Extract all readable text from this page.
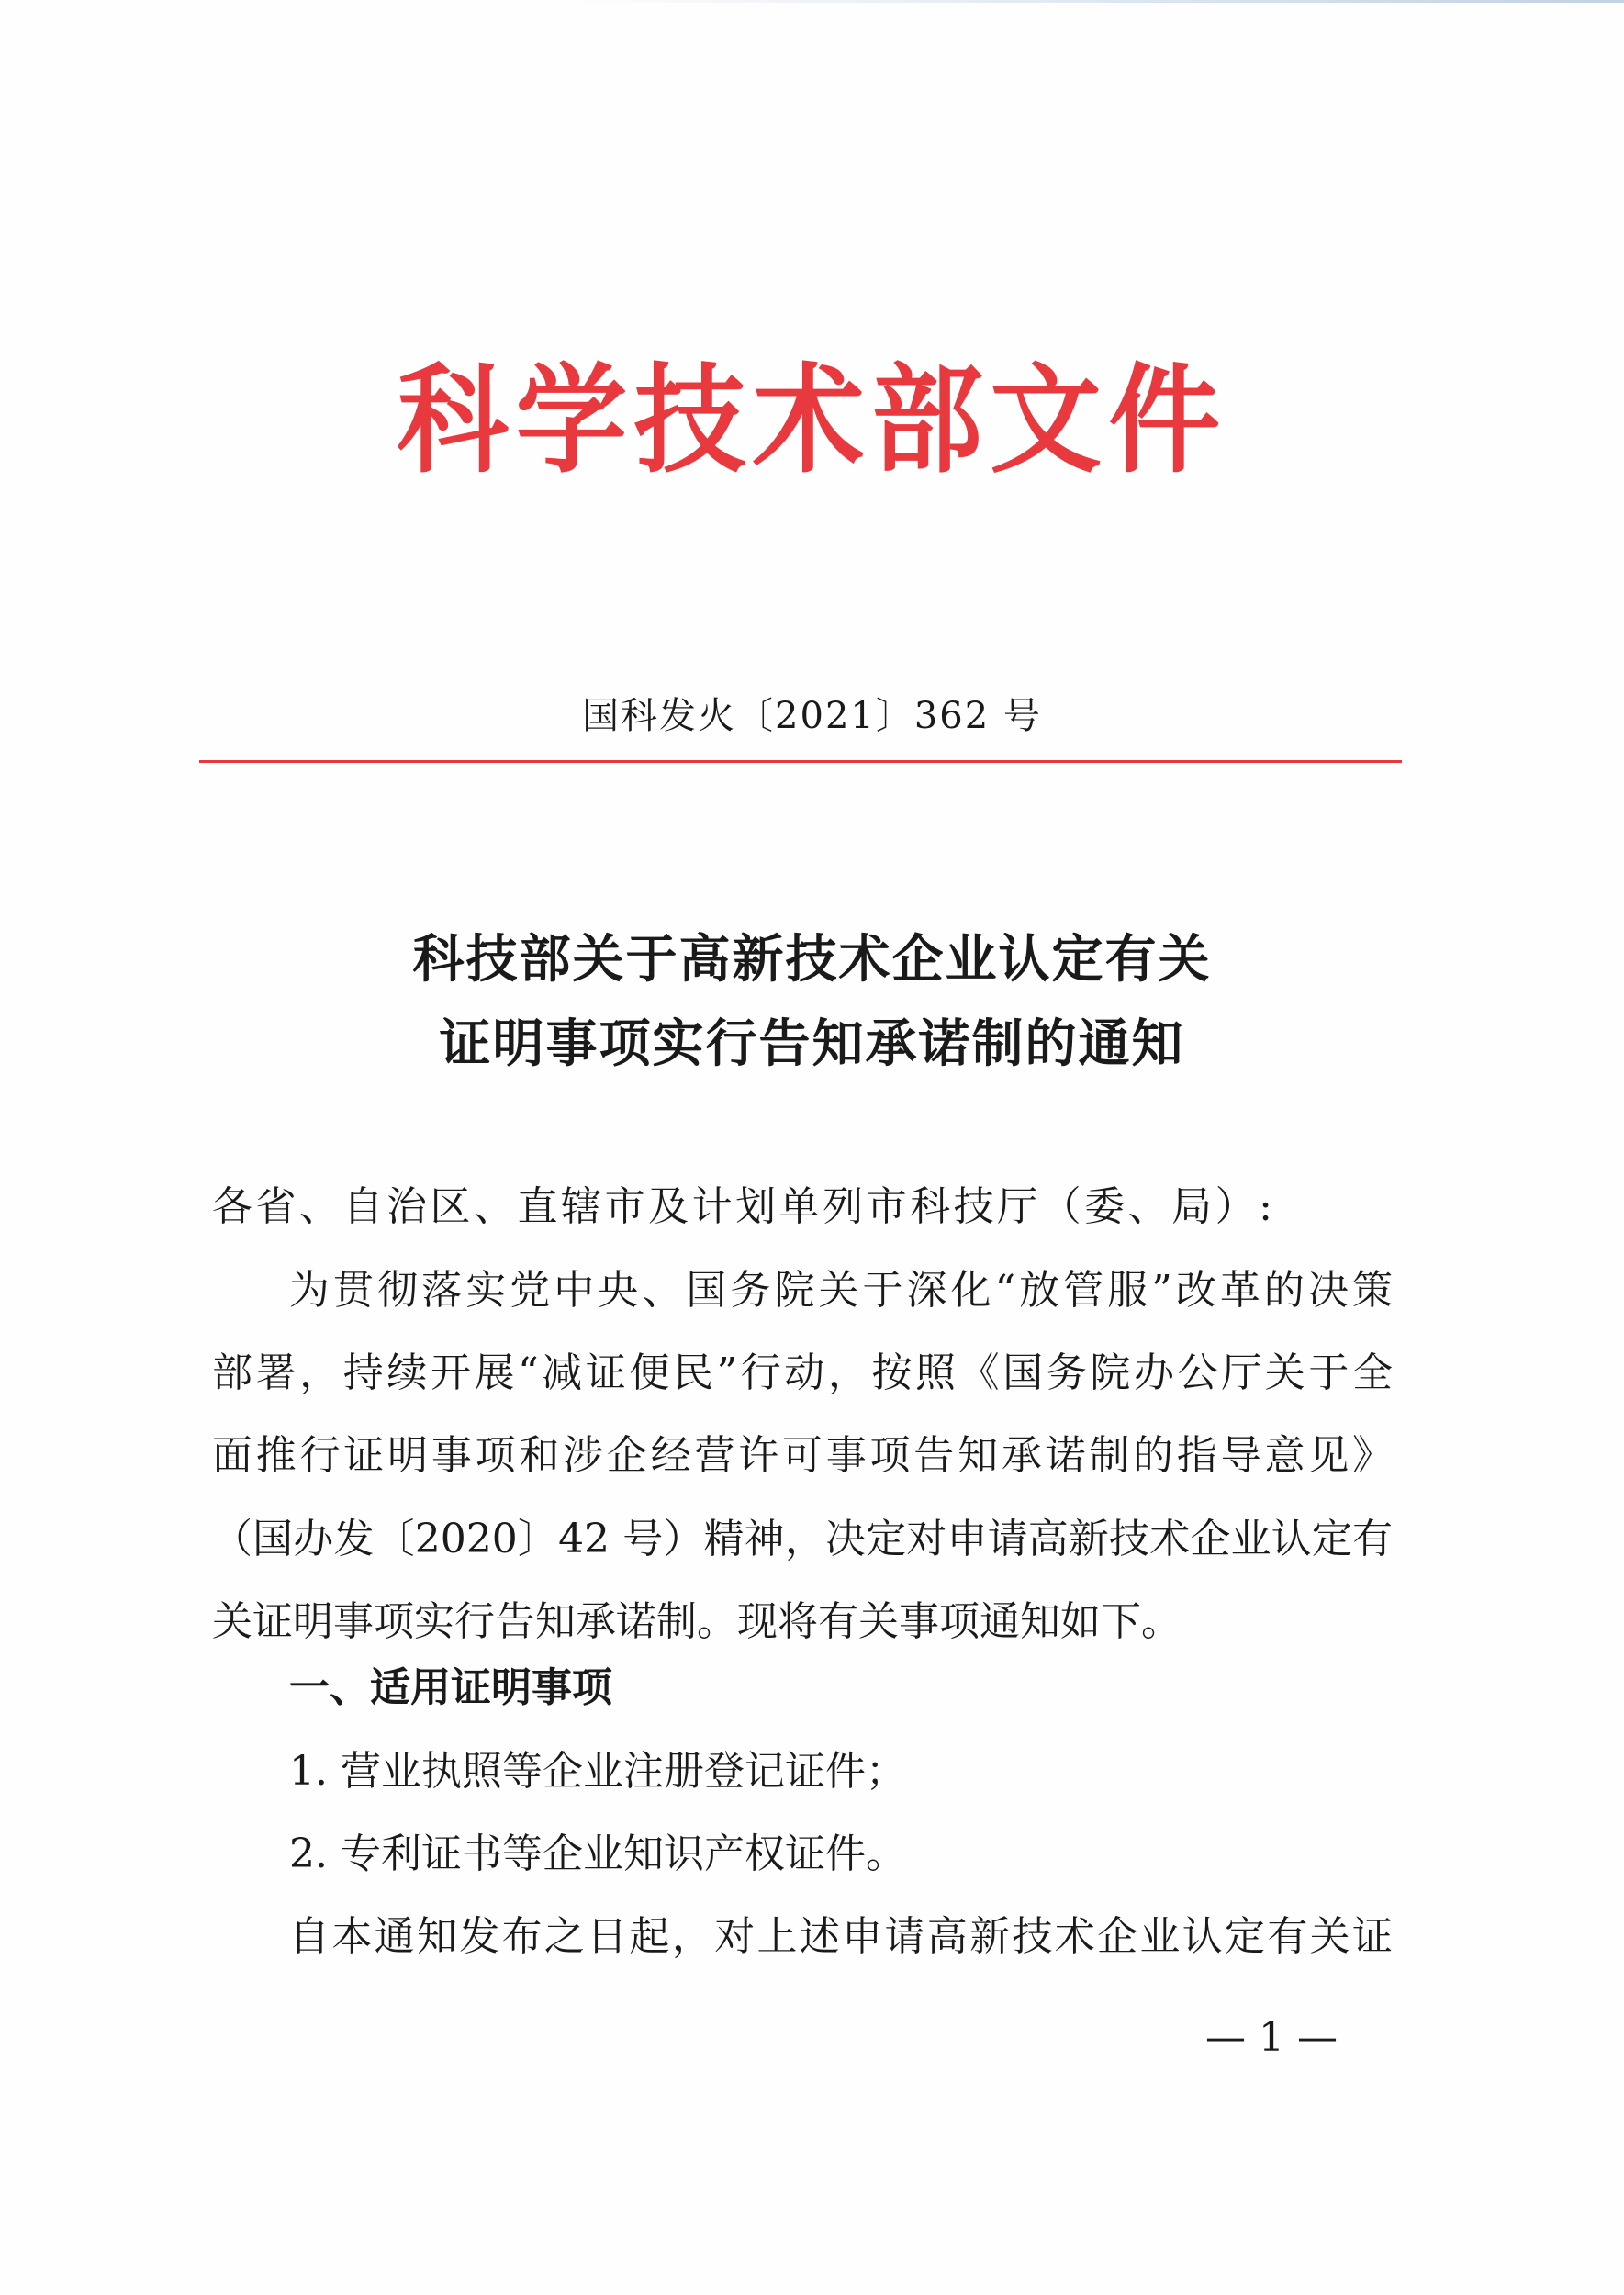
科学技术部文件
国科发火〔2021〕362 号
科技部关于高新技术企业认定有关
证明事项实行告知承诺制的通知
各省、自治区、直辖市及计划单列市科技厅（委、局）:
为贯彻落实党中央、国务院关于深化“放管服”改革的决策
部署，持续开展“减证便民”行动，按照《国务院办公厅关于全
面推行证明事项和涉企经营许可事项告知承诺制的指导意见》
（国办发〔2020〕42 号）精神，决定对申请高新技术企业认定有
关证明事项实行告知承诺制。现将有关事项通知如下。
一、适用证明事项
1. 营业执照等企业注册登记证件；
2. 专利证书等企业知识产权证件。
自本通知发布之日起，对上述申请高新技术企业认定有关证
— 1 —
